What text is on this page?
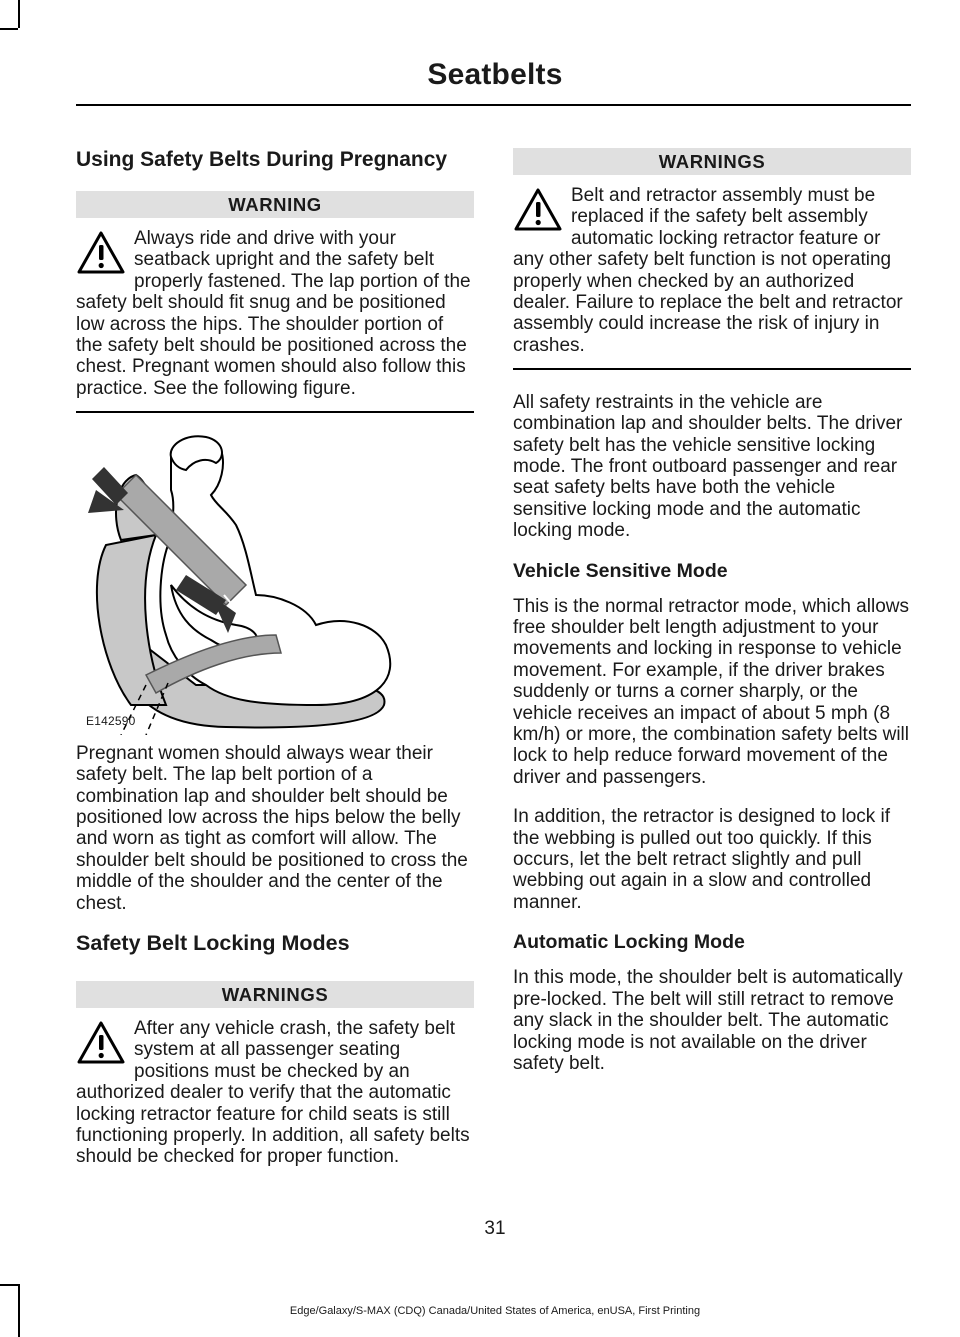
Seatbelts
Using Safety Belts During Pregnancy
WARNING
Always ride and drive with your seatback upright and the safety belt properly fastened. The lap portion of the safety belt should fit snug and be positioned low across the hips. The shoulder portion of the safety belt should be positioned across the chest. Pregnant women should also follow this practice. See the following figure.
E142590

Pregnant women should always wear their safety belt. The lap belt portion of a combination lap and shoulder belt should be positioned low across the hips below the belly and worn as tight as comfort will allow. The shoulder belt should be positioned to cross the middle of the shoulder and the center of the chest.

Safety Belt Locking Modes
WARNINGS
After any vehicle crash, the safety belt system at all passenger seating positions must be checked by an authorized dealer to verify that the automatic locking retractor feature for child seats is still functioning properly. In addition, all safety belts should be checked for proper function.
WARNINGS
Belt and retractor assembly must be replaced if the safety belt assembly automatic locking retractor feature or any other safety belt function is not operating properly when checked by an authorized dealer. Failure to replace the belt and retractor assembly could increase the risk of injury in crashes.

All safety restraints in the vehicle are combination lap and shoulder belts. The driver safety belt has the vehicle sensitive locking mode. The front outboard passenger and rear seat safety belts have both the vehicle sensitive locking mode and the automatic locking mode.

Vehicle Sensitive Mode

This is the normal retractor mode, which allows free shoulder belt length adjustment to your movements and locking in response to vehicle movement. For example, if the driver brakes suddenly or turns a corner sharply, or the vehicle receives an impact of about 5 mph (8 km/h) or more, the combination safety belts will lock to help reduce forward movement of the driver and passengers.

In addition, the retractor is designed to lock if the webbing is pulled out too quickly. If this occurs, let the belt retract slightly and pull webbing out again in a slow and controlled manner.

Automatic Locking Mode

In this mode, the shoulder belt is automatically pre-locked. The belt will still retract to remove any slack in the shoulder belt. The automatic locking mode is not available on the driver safety belt.

31
Edge/Galaxy/S-MAX (CDQ) Canada/United States of America, enUSA, First Printing
